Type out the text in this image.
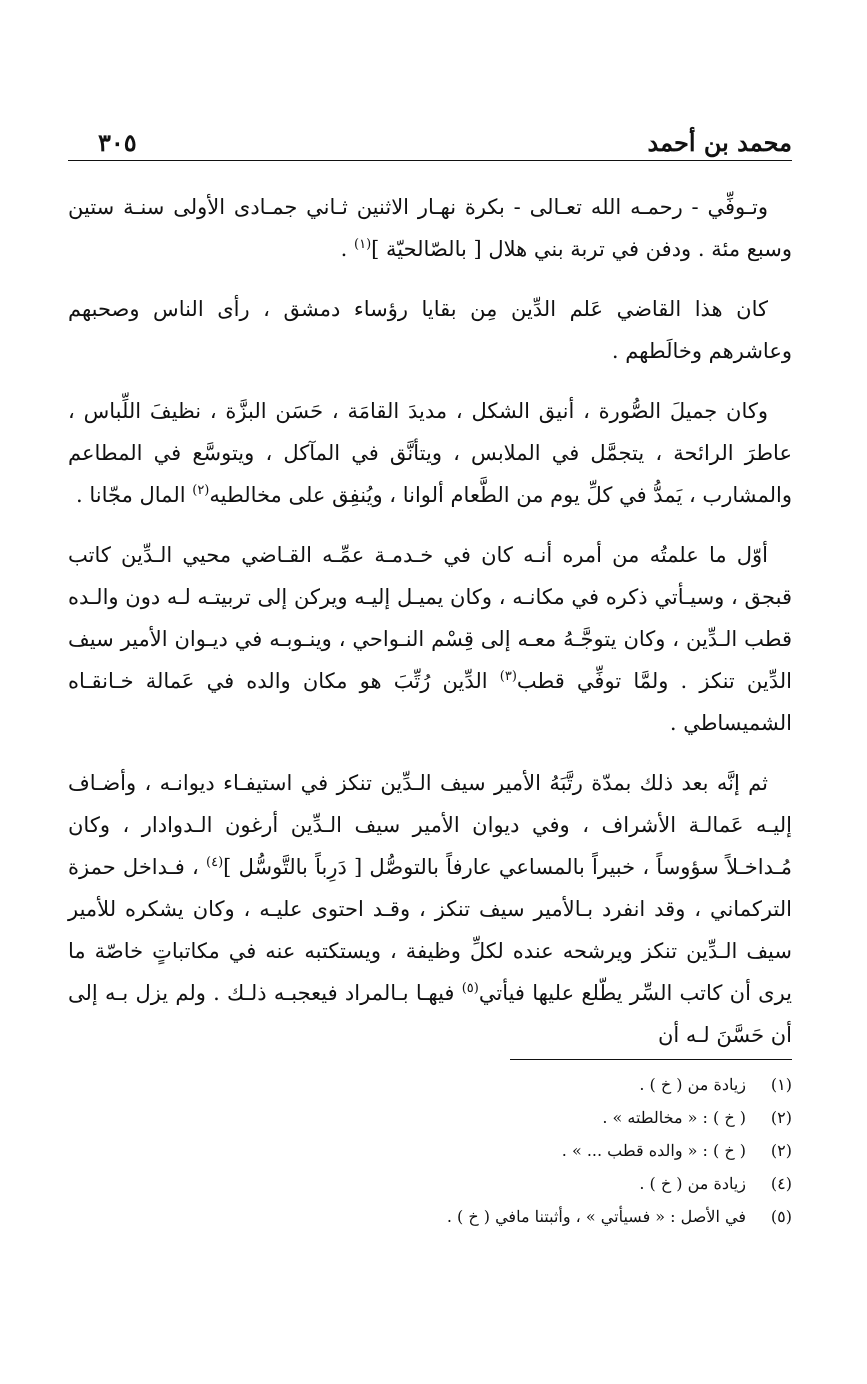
محمد بن أحمد
٣٠٥

وتـوفِّي - رحمـه الله تعـالى - بكرة نهـار الاثنين ثـاني جمـادى الأولى سنـة ستين وسبع مئة . ودفن في تربة بني هلال [ بالصّالحيّة ]$^{(١)}$ .

كان هذا القاضي عَلم الدِّين مِن بقايا رؤساء دمشق ، رأى الناس وصحبهم وعاشرهم وخالَطهم .

وكان جميلَ الصُّورة ، أنيق الشكل ، مديدَ القامَة ، حَسَن البزَّة ، نظيفَ اللِّباس ، عاطرَ الرائحة ، يتجمَّل في الملابس ، ويتأنَّق في المآكل ، ويتوسَّع في المطاعم والمشارب ، يَمدُّ في كلِّ يوم من الطَّعام ألوانا ، ويُنفِق على مخالطيه$^{(٢)}$ المال مجّانا .

أوّل ما علمتُه من أمره أنـه كان في خـدمـة عمِّـه القـاضي محيي الـدِّين كاتب قبجق ، وسيـأتي ذكره في مكانـه ، وكان يميـل إليـه ويركن إلى تربيتـه لـه دون والـده قطب الـدِّين ، وكان يتوجَّـهُ معـه إلى قِسْم النـواحي ، وينـوبـه في ديـوان الأمير سيف الدِّين تنكز . ولمَّا توفِّي قطب$^{(٣)}$ الدِّين رُتِّبَ هو مكان والده في عَمالة خـانقـاه الشميساطي .

ثم إنَّه بعد ذلك بمدّة رتَّبَهُ الأمير سيف الـدِّين تنكز في استيفـاء ديوانـه ، وأضـاف إليـه عَمالـة الأشراف ، وفي ديوان الأمير سيف الـدِّين أرغون الـدوادار ، وكان مُـداخـلاً سؤوساً ، خبيراً بالمساعي عارفاً بالتوصُّل [ دَرِباً بالتَّوسُّل ]$^{(٤)}$ ، فـداخل حمزة التركماني ، وقد انفرد بـالأمير سيف تنكز ، وقـد احتوى عليـه ، وكان يشكره للأمير سيف الـدِّين تنكز ويرشحه عنده لكلِّ وظيفة ، ويستكتبه عنه في مكاتباتٍ خاصّة ما يرى أن كاتب السِّر يطّلع عليها فيأتي$^{(٥)}$ فيهـا بـالمراد فيعجبـه ذلـك . ولم يزل بـه إلى أن حَسَّنَ لـه أن

(١)
زيادة من ( خ ) .
(٢)
( خ ) : « مخالطته » .
(٢)
( خ ) : « والده قطب ... » .
(٤)
زيادة من ( خ ) .
(٥)
في الأصل : « فسيأتي » ، وأثبتنا مافي ( خ ) .
